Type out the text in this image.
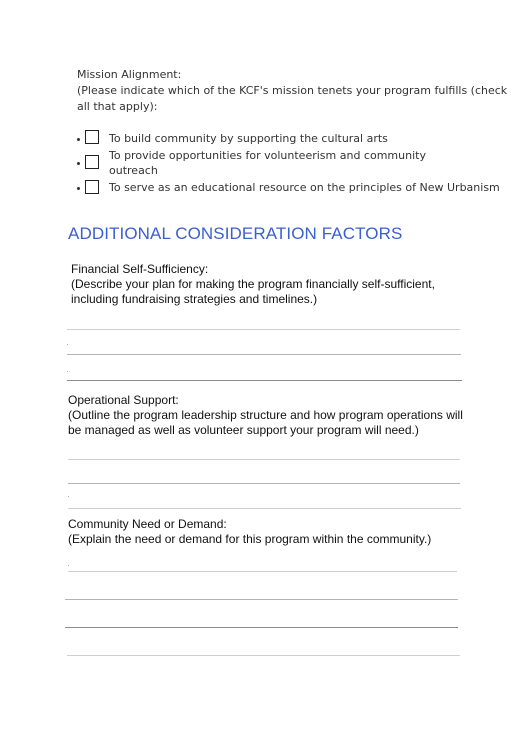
Mission Alignment:
(Please indicate which of the KCF's mission tenets your program fulfills (check
all that apply):
To build community by supporting the cultural arts
To provide opportunities for volunteerism and community
outreach
To serve as an educational resource on the principles of New Urbanism
ADDITIONAL CONSIDERATION FACTORS
Financial Self-Sufficiency:
(Describe your plan for making the program financially self-sufficient,
including fundraising strategies and timelines.)
Operational Support:
(Outline the program leadership structure and how program operations will
be managed as well as volunteer support your program will need.)
Community Need or Demand:
(Explain the need or demand for this program within the community.)
